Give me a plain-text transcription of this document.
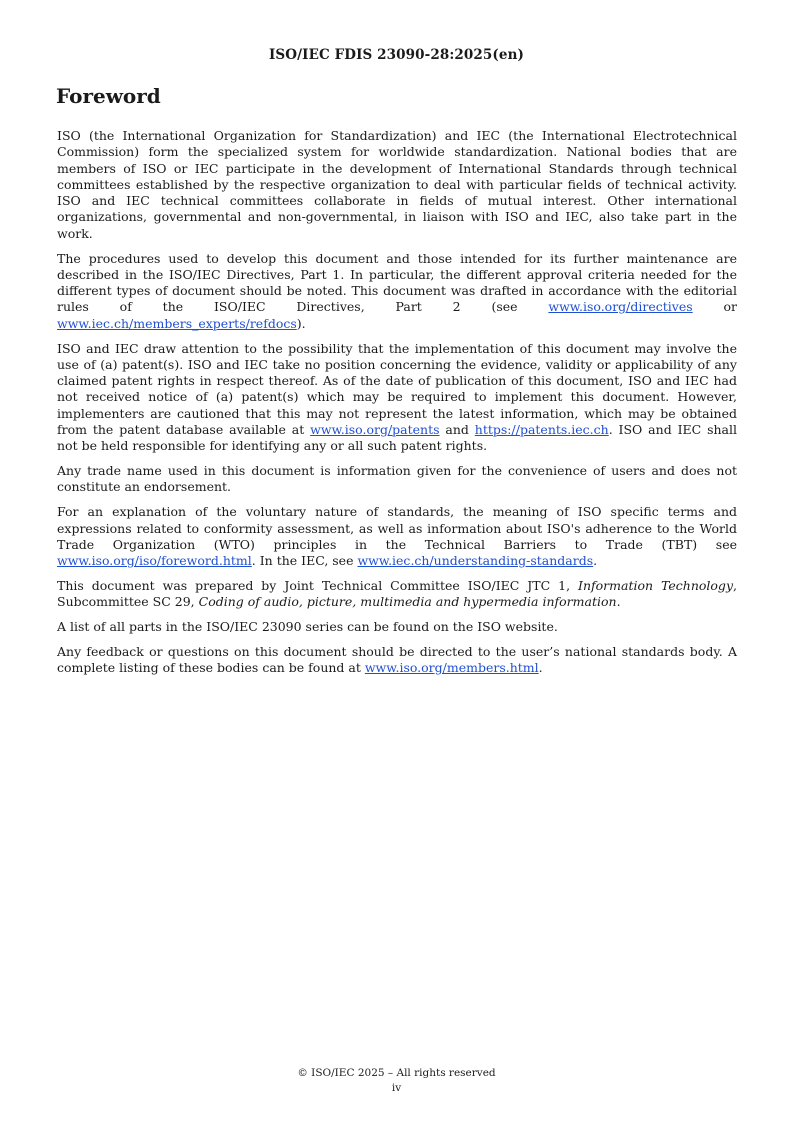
ISO/IEC FDIS 23090-28:2025(en)
Foreword

ISO (the International Organization for Standardization) and IEC (the International Electrotechnical Commission) form the specialized system for worldwide standardization. National bodies that are members of ISO or IEC participate in the development of International Standards through technical committees established by the respective organization to deal with particular fields of technical activity. ISO and IEC technical committees collaborate in fields of mutual interest. Other international organizations, governmental and non-governmental, in liaison with ISO and IEC, also take part in the work.

The procedures used to develop this document and those intended for its further maintenance are described in the ISO/IEC Directives, Part 1. In particular, the different approval criteria needed for the different types of document should be noted. This document was drafted in accordance with the editorial rules of the ISO/IEC Directives, Part 2 (see www.iso.org/directives or www.iec.ch/members_experts/refdocs).

ISO and IEC draw attention to the possibility that the implementation of this document may involve the use of (a) patent(s). ISO and IEC take no position concerning the evidence, validity or applicability of any claimed patent rights in respect thereof. As of the date of publication of this document, ISO and IEC had not received notice of (a) patent(s) which may be required to implement this document. However, implementers are cautioned that this may not represent the latest information, which may be obtained from the patent database available at www.iso.org/patents and https://patents.iec.ch. ISO and IEC shall not be held responsible for identifying any or all such patent rights.

Any trade name used in this document is information given for the convenience of users and does not constitute an endorsement.

For an explanation of the voluntary nature of standards, the meaning of ISO specific terms and expressions related to conformity assessment, as well as information about ISO's adherence to the World Trade Organization (WTO) principles in the Technical Barriers to Trade (TBT) see www.iso.org/iso/foreword.html. In the IEC, see www.iec.ch/understanding-standards.

This document was prepared by Joint Technical Committee ISO/IEC JTC 1, Information Technology, Subcommittee SC 29, Coding of audio, picture, multimedia and hypermedia information.

A list of all parts in the ISO/IEC 23090 series can be found on the ISO website.

Any feedback or questions on this document should be directed to the user’s national standards body. A complete listing of these bodies can be found at www.iso.org/members.html.

© ISO/IEC 2025 – All rights reserved
iv
